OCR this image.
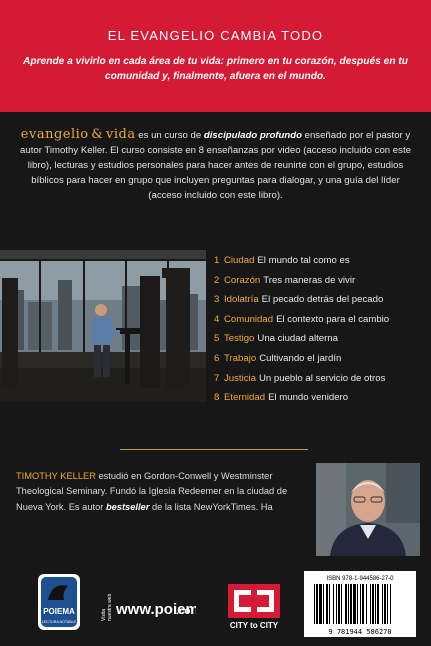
EL EVANGELIO CAMBIA TODO
Aprende a vivirlo en cada área de tu vida: primero en tu corazón, después en tu comunidad y, finalmente, afuera en el mundo.
evangelio & vida es un curso de discipulado profundo enseñado por el pastor y autor Timothy Keller. El curso consiste en 8 enseñanzas por video (acceso incluido con este libro), lecturas y estudios personales para hacer antes de reunirte con el grupo, estudios bíblicos para hacer en grupo que incluyen preguntas para dialogar, y una guía del líder (acceso incluido con este libro).
1 Ciudad El mundo tal como es
2 Corazón Tres maneras de vivir
3 Idolatría El pecado detrás del pecado
4 Comunidad El contexto para el cambio
5 Testigo Una ciudad alterna
6 Trabajo Cultivando el jardín
7 Justicia Un pueblo al servicio de otros
8 Eternidad El mundo venidero
TIMOTHY KELLER estudió en Gordon-Conwell y Westminster Theological Seminary. Fundó la Iglesia Redeemer en la ciudad de Nueva York. Es autor bestseller de la lista NewYorkTimes. Ha
POIEMA
LECTURA NOTABLE
Visita nuestra web www.poiem
.co
CITY to CITY
ISBN 978-1-944586-27-0
9 781944 586270
